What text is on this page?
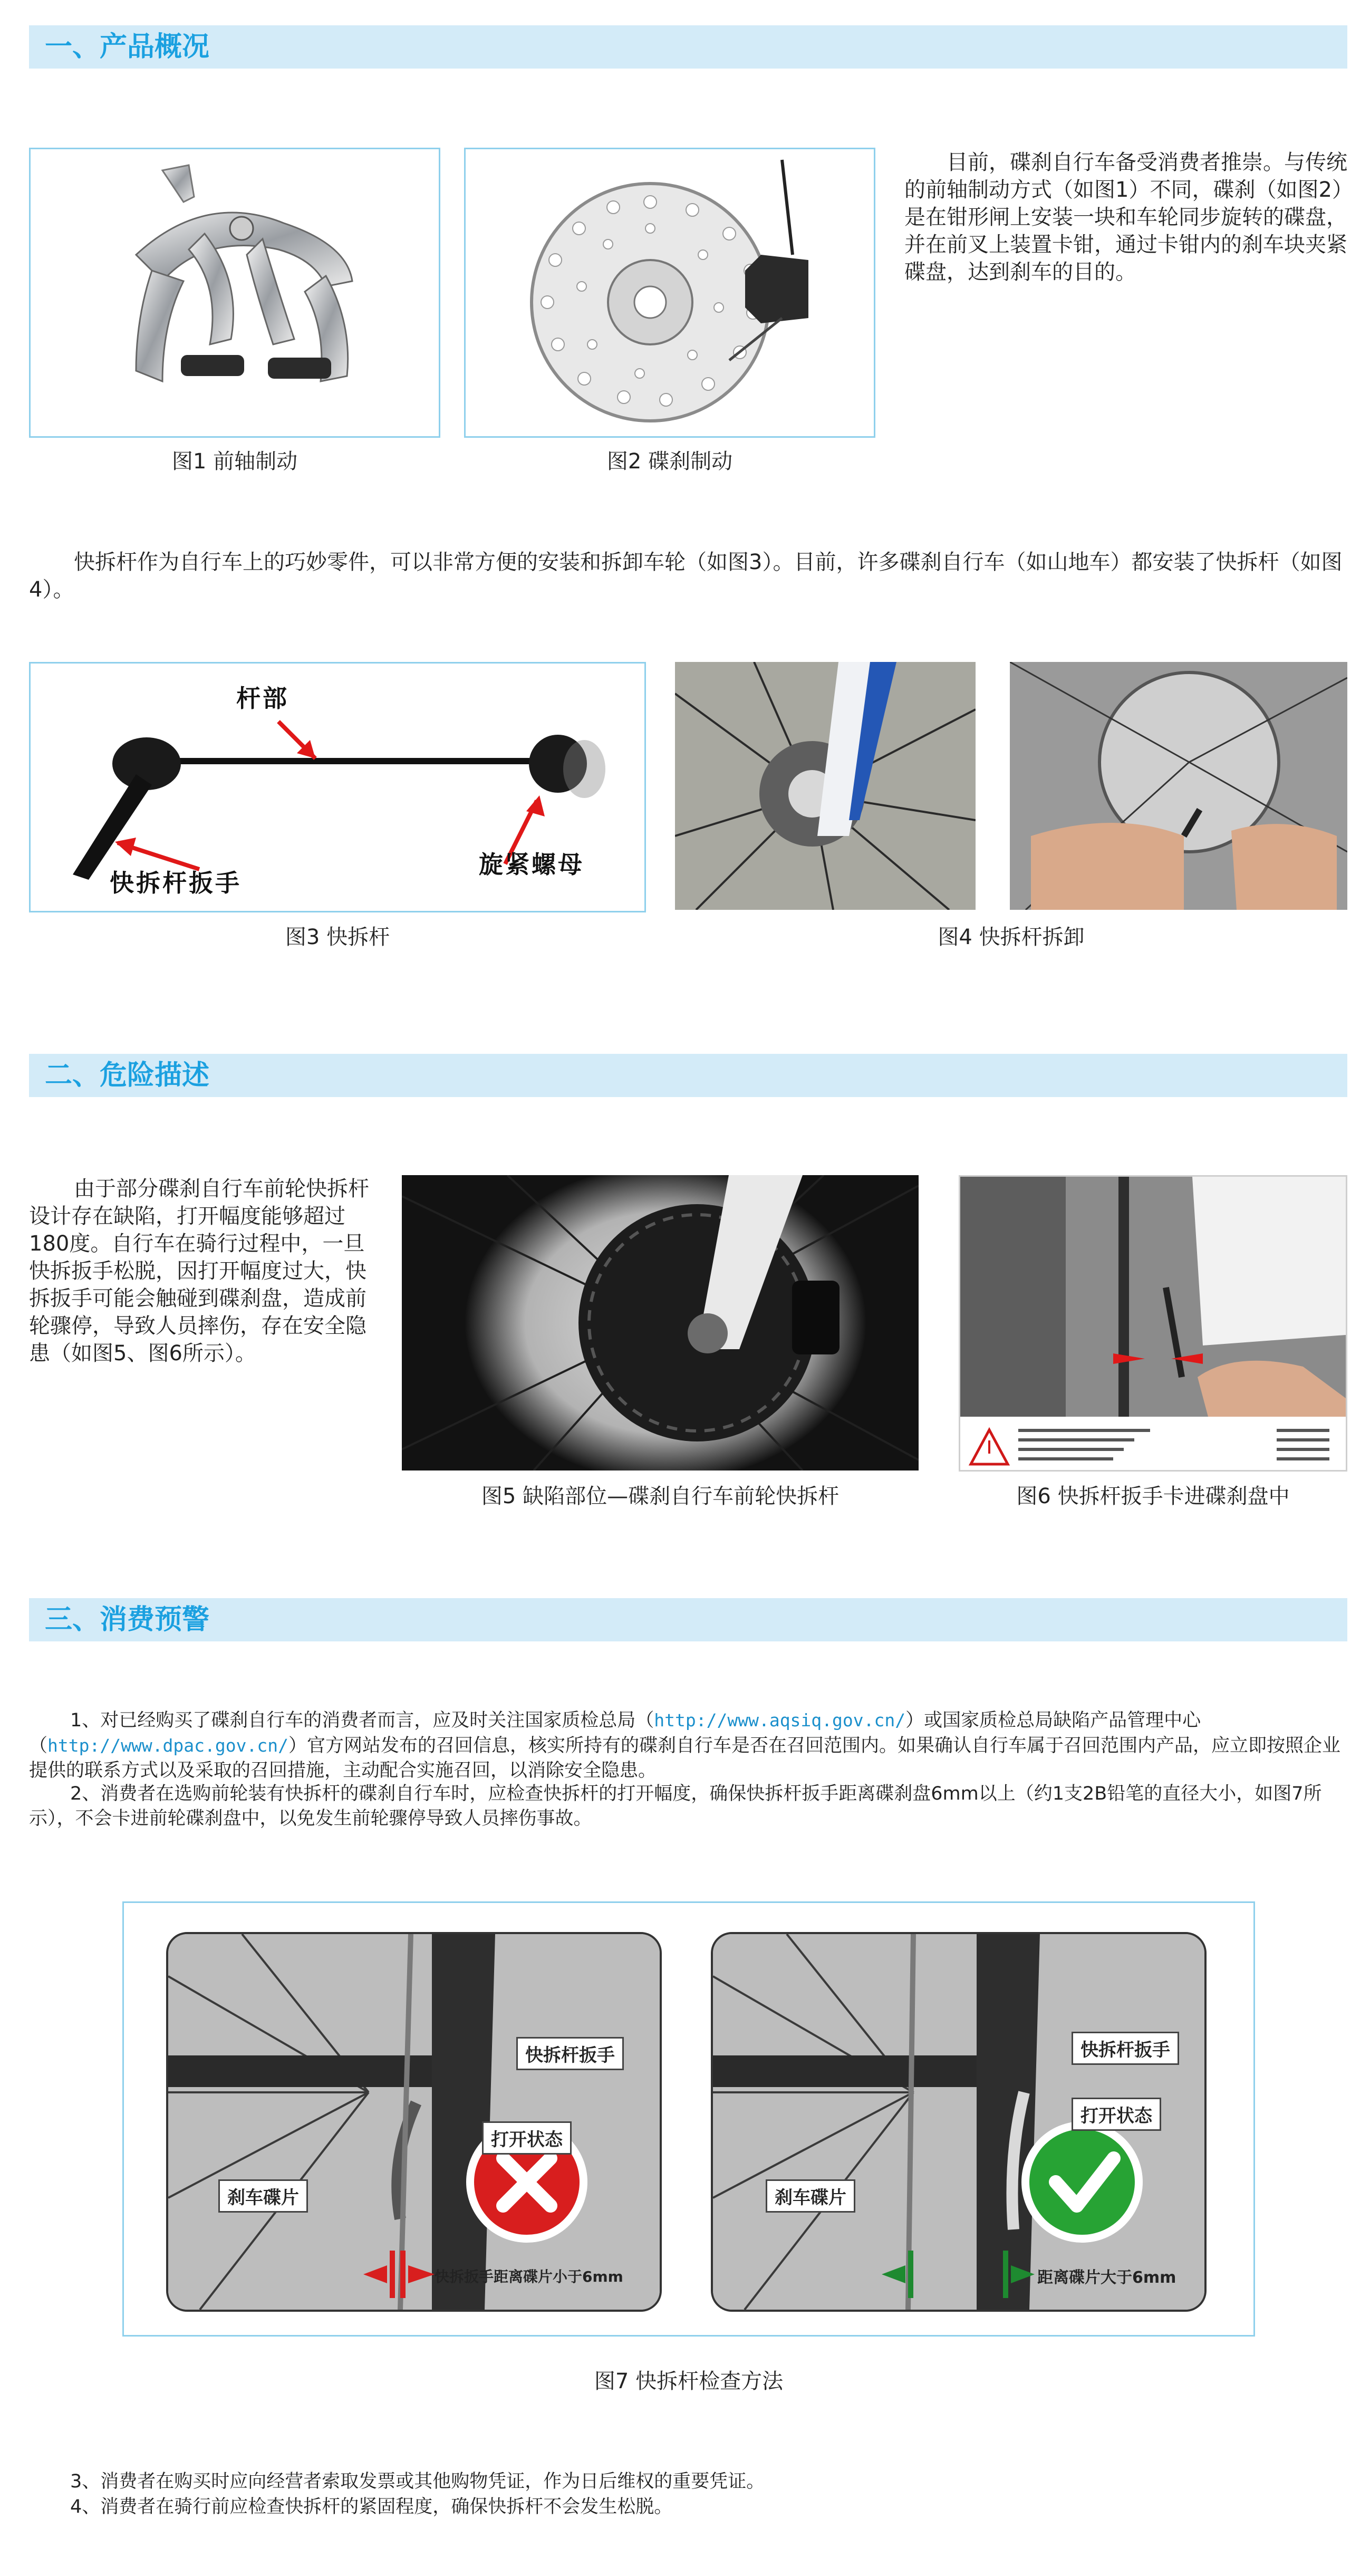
一、产品概况
图1 前轴制动	图2 碟刹制动
目前，碟刹自行车备受消费者推崇。与传统的前轴制动方式（如图1）不同，碟刹（如图2）是在钳形闸上安装一块和车轮同步旋转的碟盘，并在前叉上装置卡钳，通过卡钳内的刹车块夹紧碟盘，达到刹车的目的。
快拆杆作为自行车上的巧妙零件，可以非常方便的安装和拆卸车轮（如图3）。目前，许多碟刹自行车（如山地车）都安装了快拆杆（如图4）。
杆部
快拆杆扳手
旋紧螺母
图3 快拆杆	图4 快拆杆拆卸
二、危险描述
由于部分碟刹自行车前轮快拆杆设计存在缺陷，打开幅度能够超过180度。自行车在骑行过程中，一旦快拆扳手松脱，因打开幅度过大，快拆扳手可能会触碰到碟刹盘，造成前轮骤停，导致人员摔伤，存在安全隐患（如图5、图6所示）。
图5 缺陷部位—碟刹自行车前轮快拆杆	图6 快拆杆扳手卡进碟刹盘中
三、消费预警
1、对已经购买了碟刹自行车的消费者而言，应及时关注国家质检总局（http://www.aqsiq.gov.cn/）或国家质检总局缺陷产品管理中心（http://www.dpac.gov.cn/）官方网站发布的召回信息，核实所持有的碟刹自行车是否在召回范围内。如果确认自行车属于召回范围内产品，应立即按照企业提供的联系方式以及采取的召回措施，主动配合实施召回，以消除安全隐患。
2、消费者在选购前轮装有快拆杆的碟刹自行车时，应检查快拆杆的打开幅度，确保快拆杆扳手距离碟刹盘6mm以上（约1支2B铅笔的直径大小，如图7所示），不会卡进前轮碟刹盘中，以免发生前轮骤停导致人员摔伤事故。
快拆杆扳手
打开状态
刹车碟片
快拆扳手距离碟片小于6mm
快拆杆扳手
打开状态
刹车碟片
距离碟片大于6mm
图7 快拆杆检查方法
3、消费者在购买时应向经营者索取发票或其他购物凭证，作为日后维权的重要凭证。
4、消费者在骑行前应检查快拆杆的紧固程度，确保快拆杆不会发生松脱。
